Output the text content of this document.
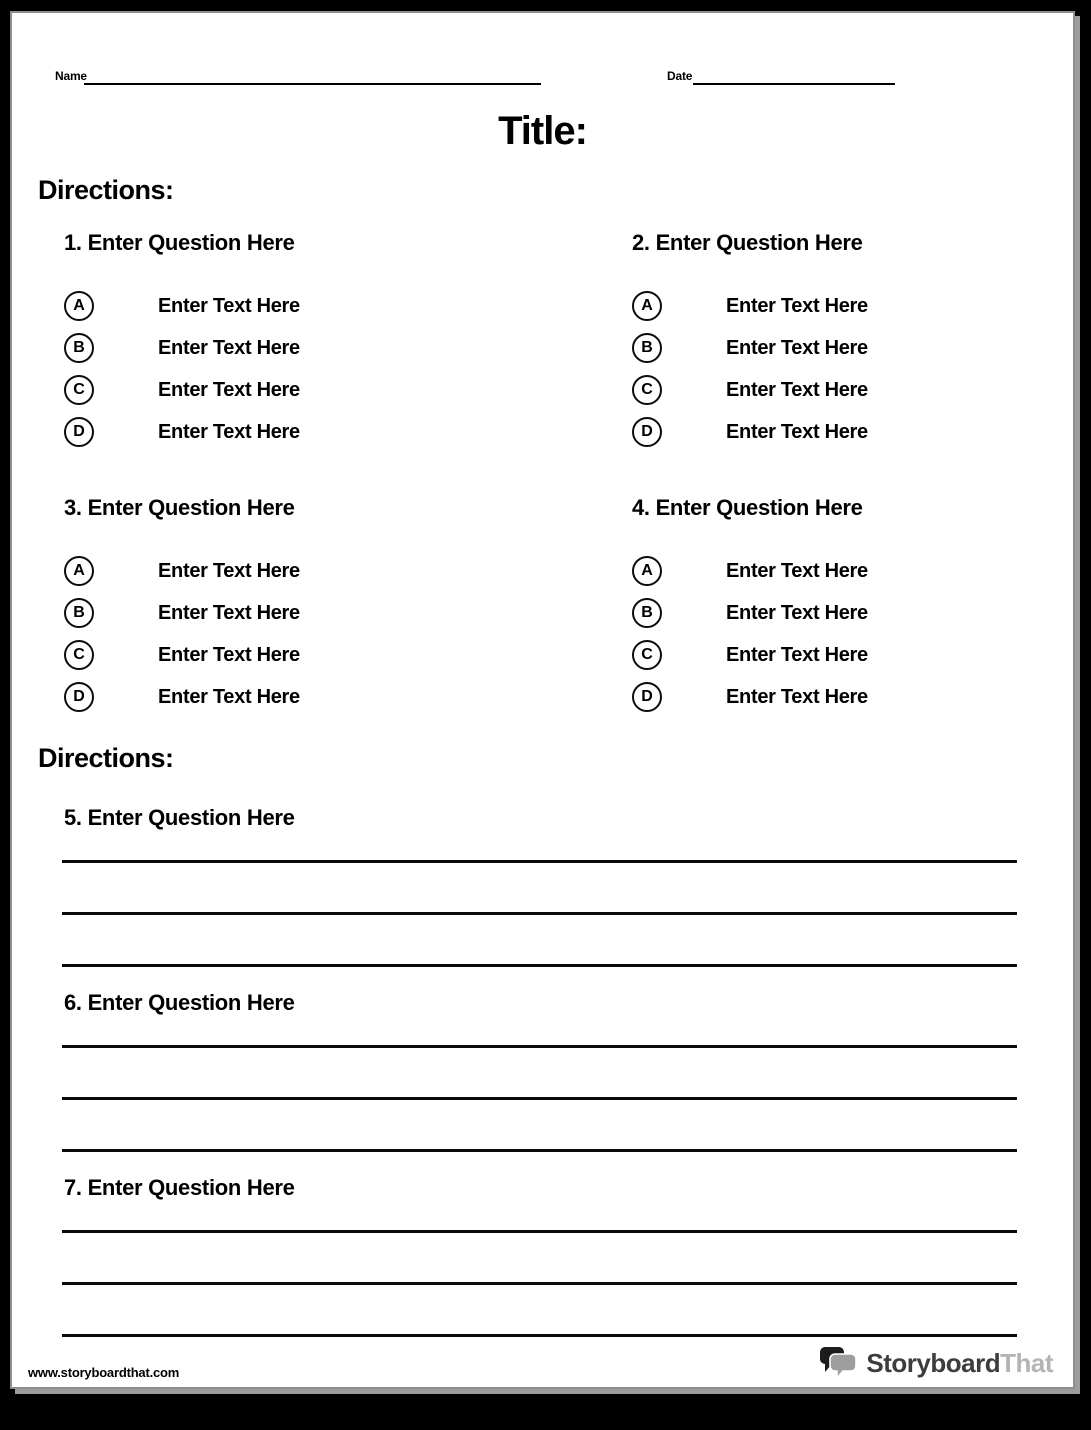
Name	Date
Title:
Directions:
1. Enter Question Here
A	Enter Text Here
B	Enter Text Here
C	Enter Text Here
D	Enter Text Here
2. Enter Question Here
A	Enter Text Here
B	Enter Text Here
C	Enter Text Here
D	Enter Text Here
3. Enter Question Here
A	Enter Text Here
B	Enter Text Here
C	Enter Text Here
D	Enter Text Here
4. Enter Question Here
A	Enter Text Here
B	Enter Text Here
C	Enter Text Here
D	Enter Text Here
Directions:
5. Enter Question Here
6. Enter Question Here
7. Enter Question Here
www.storyboardthat.com	StoryboardThat
